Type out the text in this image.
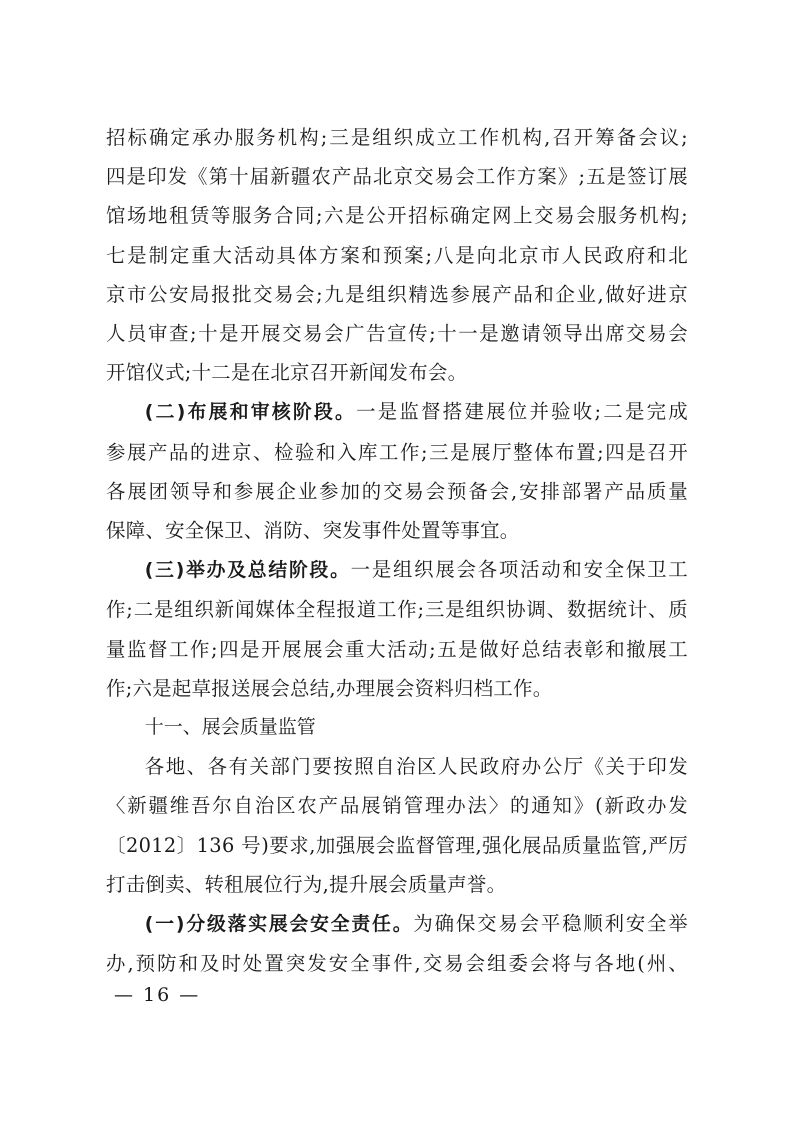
招标确定承办服务机构;三是组织成立工作机构,召开筹备会议;

四是印发《第十届新疆农产品北京交易会工作方案》;五是签订展

馆场地租赁等服务合同;六是公开招标确定网上交易会服务机构;

七是制定重大活动具体方案和预案;八是向北京市人民政府和北

京市公安局报批交易会;九是组织精选参展产品和企业,做好进京

人员审查;十是开展交易会广告宣传;十一是邀请领导出席交易会

开馆仪式;十二是在北京召开新闻发布会。

(二)布展和审核阶段。一是监督搭建展位并验收;二是完成

参展产品的进京、检验和入库工作;三是展厅整体布置;四是召开

各展团领导和参展企业参加的交易会预备会,安排部署产品质量

保障、安全保卫、消防、突发事件处置等事宜。

(三)举办及总结阶段。一是组织展会各项活动和安全保卫工

作;二是组织新闻媒体全程报道工作;三是组织协调、数据统计、质

量监督工作;四是开展展会重大活动;五是做好总结表彰和撤展工

作;六是起草报送展会总结,办理展会资料归档工作。

十一、展会质量监管

各地、各有关部门要按照自治区人民政府办公厅《关于印发

〈新疆维吾尔自治区农产品展销管理办法〉的通知》(新政办发

〔2012〕136 号)要求,加强展会监督管理,强化展品质量监管,严厉

打击倒卖、转租展位行为,提升展会质量声誉。

(一)分级落实展会安全责任。为确保交易会平稳顺利安全举

办,预防和及时处置突发安全事件,交易会组委会将与各地(州、

— 16 —
